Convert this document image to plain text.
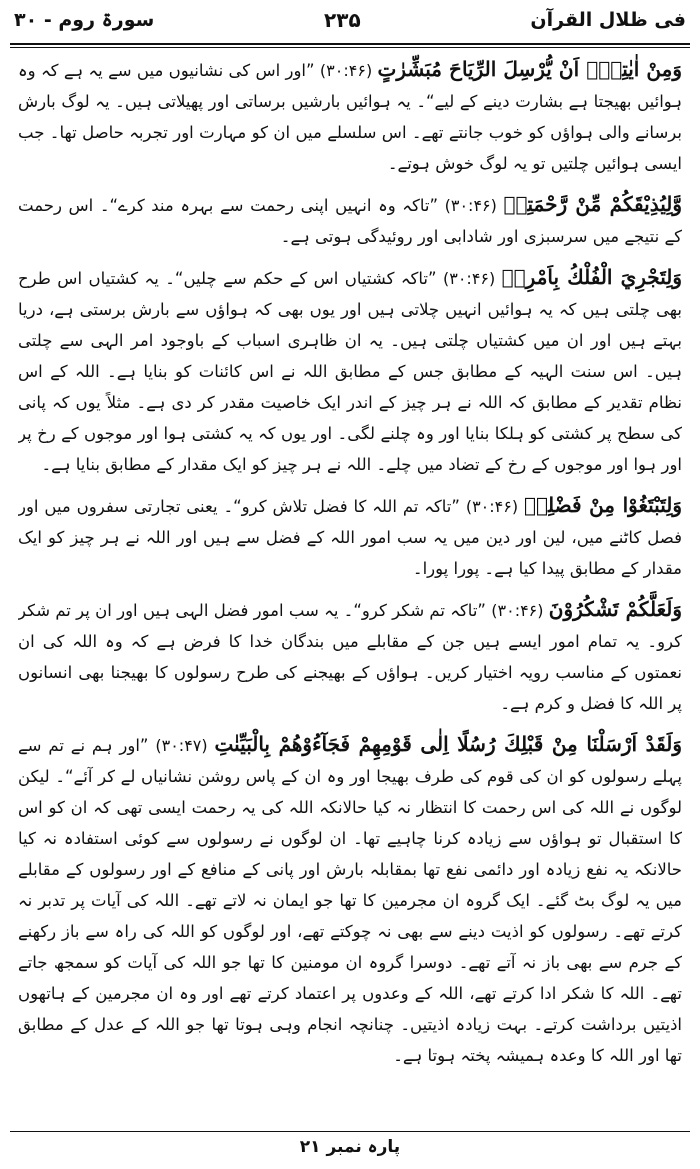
فی ظلال القرآن
۲۳۵
سورۃ روم - ۳۰

وَمِنْ اٰيٰتِهٖٓ اَنْ يُّرْسِلَ الرِّيَاحَ مُبَشِّرٰتٍ (۳۰:۴۶) ”اور اس کی نشانیوں میں سے یہ ہے کہ وہ ہوائیں بھیجتا ہے بشارت دینے کے لیے“۔ یہ ہوائیں بارشیں برساتی اور پھیلاتی ہیں۔ یہ لوگ بارش برسانے والی ہواؤں کو خوب جانتے تھے۔ اس سلسلے میں ان کو مہارت اور تجربہ حاصل تھا۔ جب ایسی ہوائیں چلتیں تو یہ لوگ خوش ہوتے۔

وَّلِيُذِيْقَكُمْ مِّنْ رَّحْمَتِهٖ (۳۰:۴۶) ”تاکہ وہ انہیں اپنی رحمت سے بہرہ مند کرے“۔ اس رحمت کے نتیجے میں سرسبزی اور شادابی اور روئیدگی ہوتی ہے۔

وَلِتَجْرِيَ الْفُلْكُ بِاَمْرِهٖ (۳۰:۴۶) ”تاکہ کشتیاں اس کے حکم سے چلیں“۔ یہ کشتیاں اس طرح بھی چلتی ہیں کہ یہ ہوائیں انہیں چلاتی ہیں اور یوں بھی کہ ہواؤں سے بارش برستی ہے، دریا بہتے ہیں اور ان میں کشتیاں چلتی ہیں۔ یہ ان ظاہری اسباب کے باوجود امر الہی سے چلتی ہیں۔ اس سنت الہیہ کے مطابق جس کے مطابق اللہ نے اس کائنات کو بنایا ہے۔ اللہ کے اس نظام تقدیر کے مطابق کہ اللہ نے ہر چیز کے اندر ایک خاصیت مقدر کر دی ہے۔ مثلاً یوں کہ پانی کی سطح پر کشتی کو ہلکا بنایا اور وہ چلنے لگی۔ اور یوں کہ یہ کشتی ہوا اور موجوں کے رخ پر اور ہوا اور موجوں کے رخ کے تضاد میں چلے۔ اللہ نے ہر چیز کو ایک مقدار کے مطابق بنایا ہے۔

وَلِتَبْتَغُوْا مِنْ فَضْلِهٖ (۳۰:۴۶) ”تاکہ تم اللہ کا فضل تلاش کرو“۔ یعنی تجارتی سفروں میں اور فصل کاٹنے میں، لین اور دین میں یہ سب امور اللہ کے فضل سے ہیں اور اللہ نے ہر چیز کو ایک مقدار کے مطابق پیدا کیا ہے۔ پورا پورا۔

وَلَعَلَّكُمْ تَشْكُرُوْنَ (۳۰:۴۶) ”تاکہ تم شکر کرو“۔ یہ سب امور فضل الہی ہیں اور ان پر تم شکر کرو۔ یہ تمام امور ایسے ہیں جن کے مقابلے میں بندگان خدا کا فرض ہے کہ وہ اللہ کی ان نعمتوں کے مناسب رویہ اختیار کریں۔ ہواؤں کے بھیجنے کی طرح رسولوں کا بھیجنا بھی انسانوں پر اللہ کا فضل و کرم ہے۔

وَلَقَدْ اَرْسَلْنَا مِنْ قَبْلِكَ رُسُلًا اِلٰى قَوْمِهِمْ فَجَآءُوْهُمْ بِالْبَيِّنٰتِ (۳۰:۴۷) ”اور ہم نے تم سے پہلے رسولوں کو ان کی قوم کی طرف بھیجا اور وہ ان کے پاس روشن نشانیاں لے کر آئے“۔ لیکن لوگوں نے اللہ کی اس رحمت کا انتظار نہ کیا حالانکہ اللہ کی یہ رحمت ایسی تھی کہ ان کو اس کا استقبال تو ہواؤں سے زیادہ کرنا چاہیے تھا۔ ان لوگوں نے رسولوں سے کوئی استفادہ نہ کیا حالانکہ یہ نفع زیادہ اور دائمی نفع تھا بمقابلہ بارش اور پانی کے منافع کے اور رسولوں کے مقابلے میں یہ لوگ بٹ گئے۔ ایک گروہ ان مجرمین کا تھا جو ایمان نہ لاتے تھے۔ اللہ کی آیات پر تدبر نہ کرتے تھے۔ رسولوں کو اذیت دینے سے بھی نہ چوکتے تھے، اور لوگوں کو اللہ کی راہ سے باز رکھنے کے جرم سے بھی باز نہ آتے تھے۔ دوسرا گروہ ان مومنین کا تھا جو اللہ کی آیات کو سمجھ جاتے تھے۔ اللہ کا شکر ادا کرتے تھے، اللہ کے وعدوں پر اعتماد کرتے تھے اور وہ ان مجرمین کے ہاتھوں اذیتیں برداشت کرتے۔ بہت زیادہ اذیتیں۔ چنانچہ انجام وہی ہوتا تھا جو اللہ کے عدل کے مطابق تھا اور اللہ کا وعدہ ہمیشہ پختہ ہوتا ہے۔

پارہ نمبر ۲۱
